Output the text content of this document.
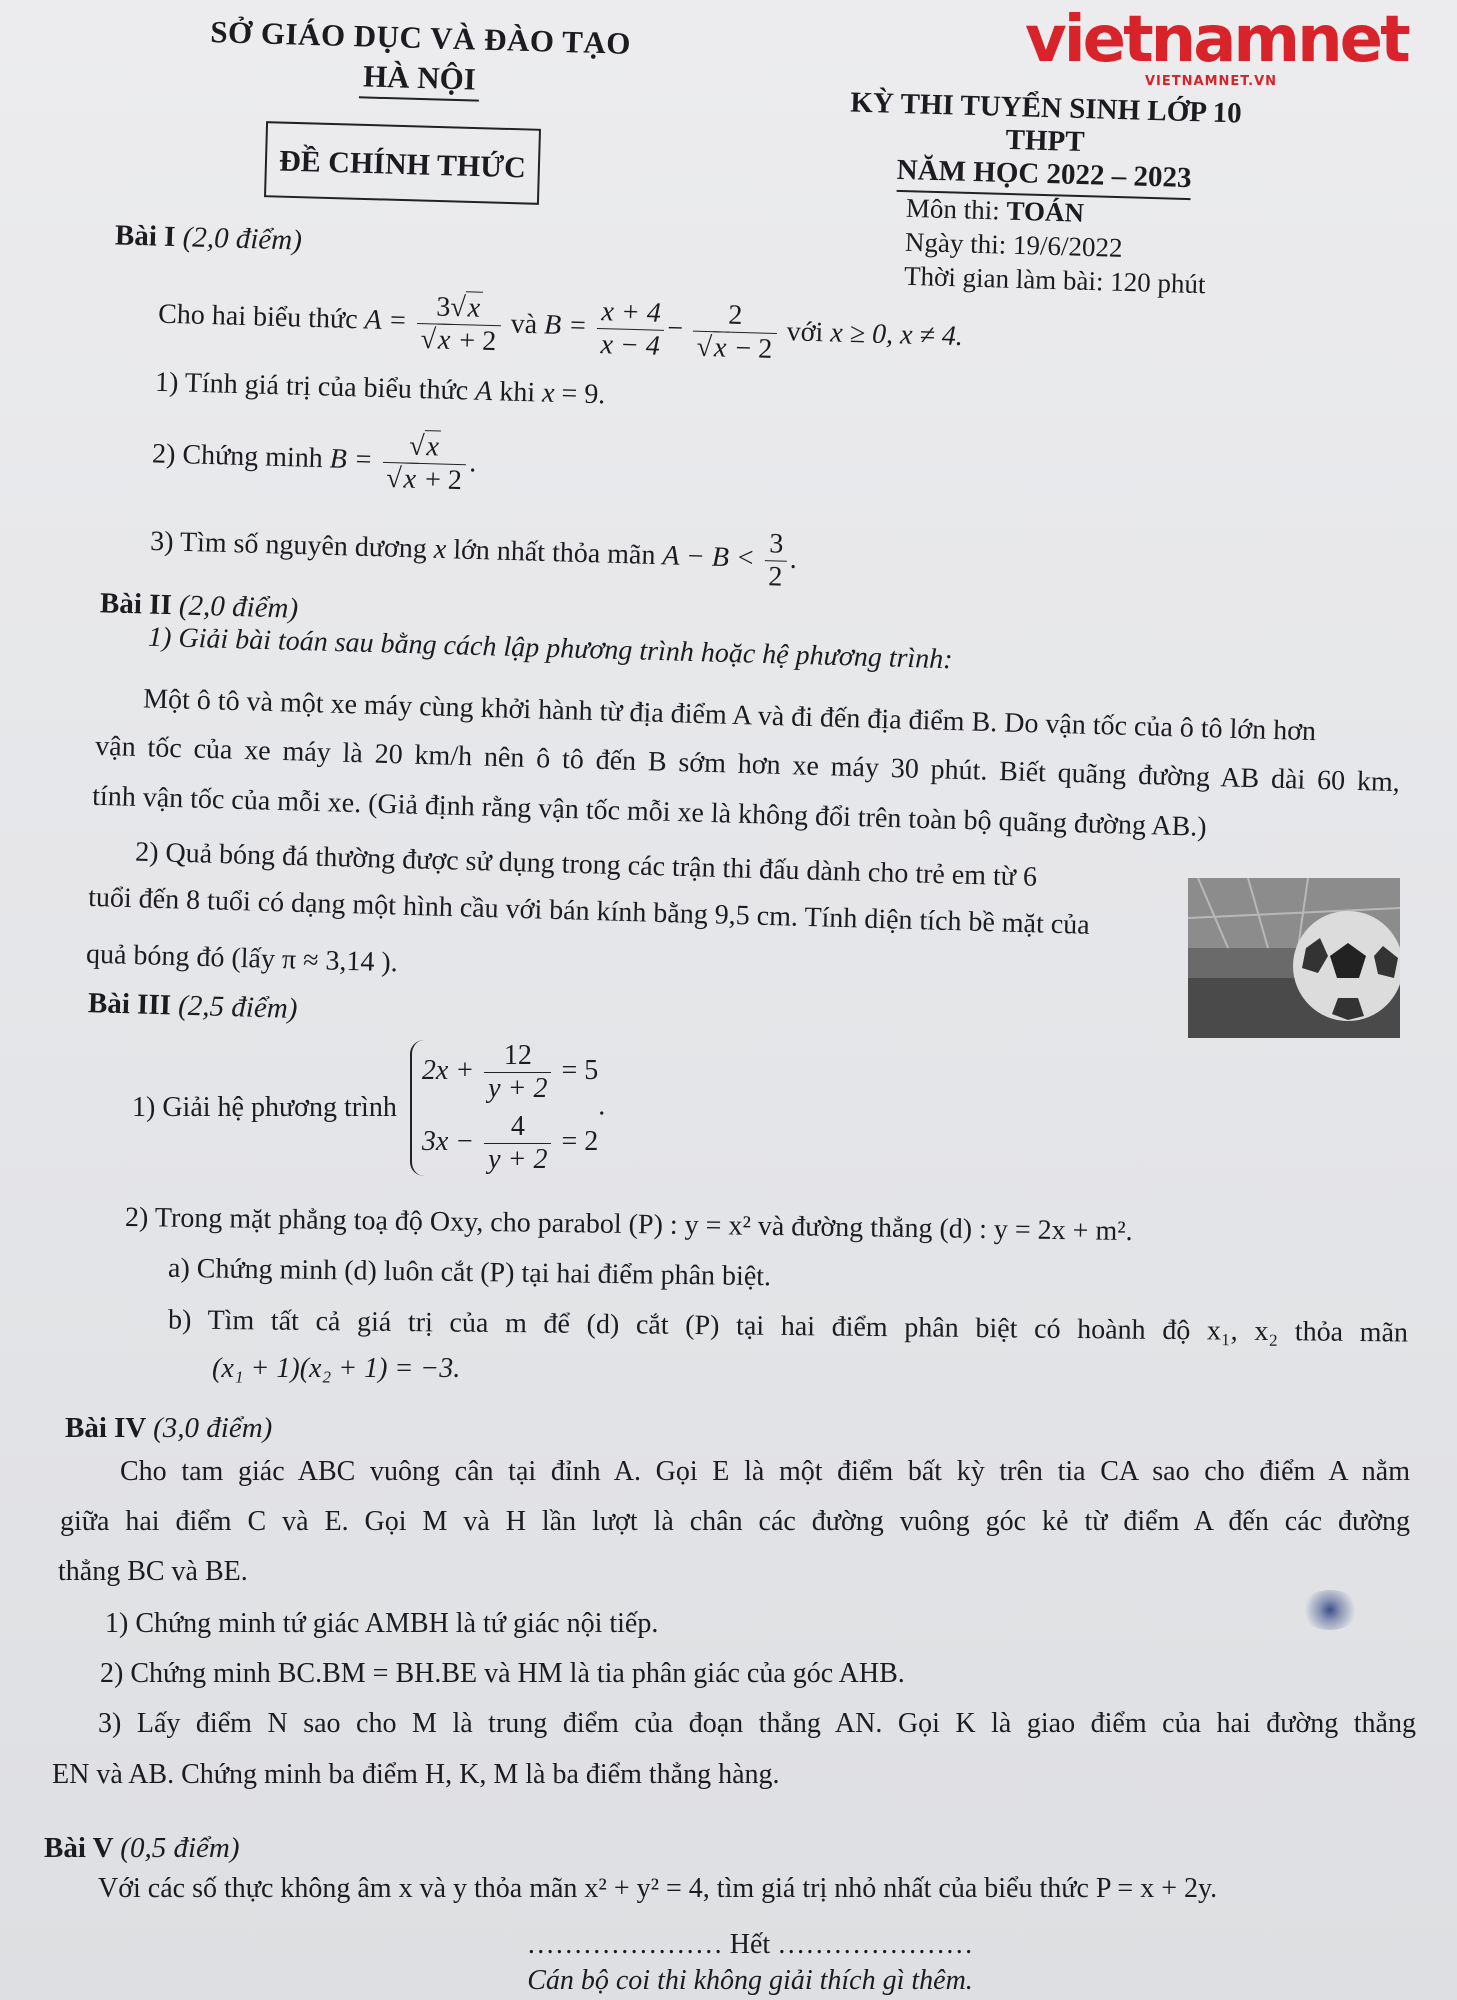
SỞ GIÁO DỤC VÀ ĐÀO TẠO
HÀ NỘI
ĐỀ CHÍNH THỨC
vietnamnet
VIETNAMNET.VN
KỲ THI TUYỂN SINH LỚP 10 THPT
NĂM HỌC 2022 – 2023
Môn thi: TOÁN
Ngày thi: 19/6/2022
Thời gian làm bài: 120 phút
Bài I (2,0 điểm)
Cho hai biểu thức $A = \frac{3√x}{√x + 2}$ và $B = \frac{x + 4}{x - 4} - \frac{2}{√x - 2}$ với x ≥ 0, x ≠ 4.
1) Tính giá trị của biểu thức A khi x = 9.
2) Chứng minh $B = \frac{√x}{√x + 2}$ .
3) Tìm số nguyên dương x lớn nhất thỏa mãn $A - B < \frac{3}{2}$ .
Bài II (2,0 điểm)
1) Giải bài toán sau bằng cách lập phương trình hoặc hệ phương trình:
Một ô tô và một xe máy cùng khởi hành từ địa điểm A và đi đến địa điểm B. Do vận tốc của ô tô lớn hơn
vận tốc của xe máy là 20 km/h nên ô tô đến B sớm hơn xe máy 30 phút. Biết quãng đường AB dài 60 km,
tính vận tốc của mỗi xe. (Giả định rằng vận tốc mỗi xe là không đổi trên toàn bộ quãng đường AB.)
2) Quả bóng đá thường được sử dụng trong các trận thi đấu dành cho trẻ em từ 6
tuổi đến 8 tuổi có dạng một hình cầu với bán kính bằng 9,5 cm. Tính diện tích bề mặt của
quả bóng đó (lấy π ≈ 3,14 ).
Bài III (2,5 điểm)
1) Giải hệ phương trình
$2x + \frac{12}{y + 2} = 5$
$3x - \frac{4}{y + 2} = 2$
.
2) Trong mặt phẳng toạ độ Oxy, cho parabol (P) : y = x² và đường thẳng (d) : y = 2x + m².
a) Chứng minh (d) luôn cắt (P) tại hai điểm phân biệt.
b) Tìm tất cả giá trị của m để (d) cắt (P) tại hai điểm phân biệt có hoành độ x₁, x₂ thỏa mãn
(x₁ + 1)(x₂ + 1) = −3.
Bài IV (3,0 điểm)
Cho tam giác ABC vuông cân tại đỉnh A. Gọi E là một điểm bất kỳ trên tia CA sao cho điểm A nằm
giữa hai điểm C và E. Gọi M và H lần lượt là chân các đường vuông góc kẻ từ điểm A đến các đường
thẳng BC và BE.
1) Chứng minh tứ giác AMBH là tứ giác nội tiếp.
2) Chứng minh BC.BM = BH.BE và HM là tia phân giác của góc AHB.
3) Lấy điểm N sao cho M là trung điểm của đoạn thẳng AN. Gọi K là giao điểm của hai đường thẳng
EN và AB. Chứng minh ba điểm H, K, M là ba điểm thẳng hàng.
Bài V (0,5 điểm)
Với các số thực không âm x và y thỏa mãn x² + y² = 4, tìm giá trị nhỏ nhất của biểu thức P = x + 2y.
………………… Hết …………………
Cán bộ coi thi không giải thích gì thêm.
